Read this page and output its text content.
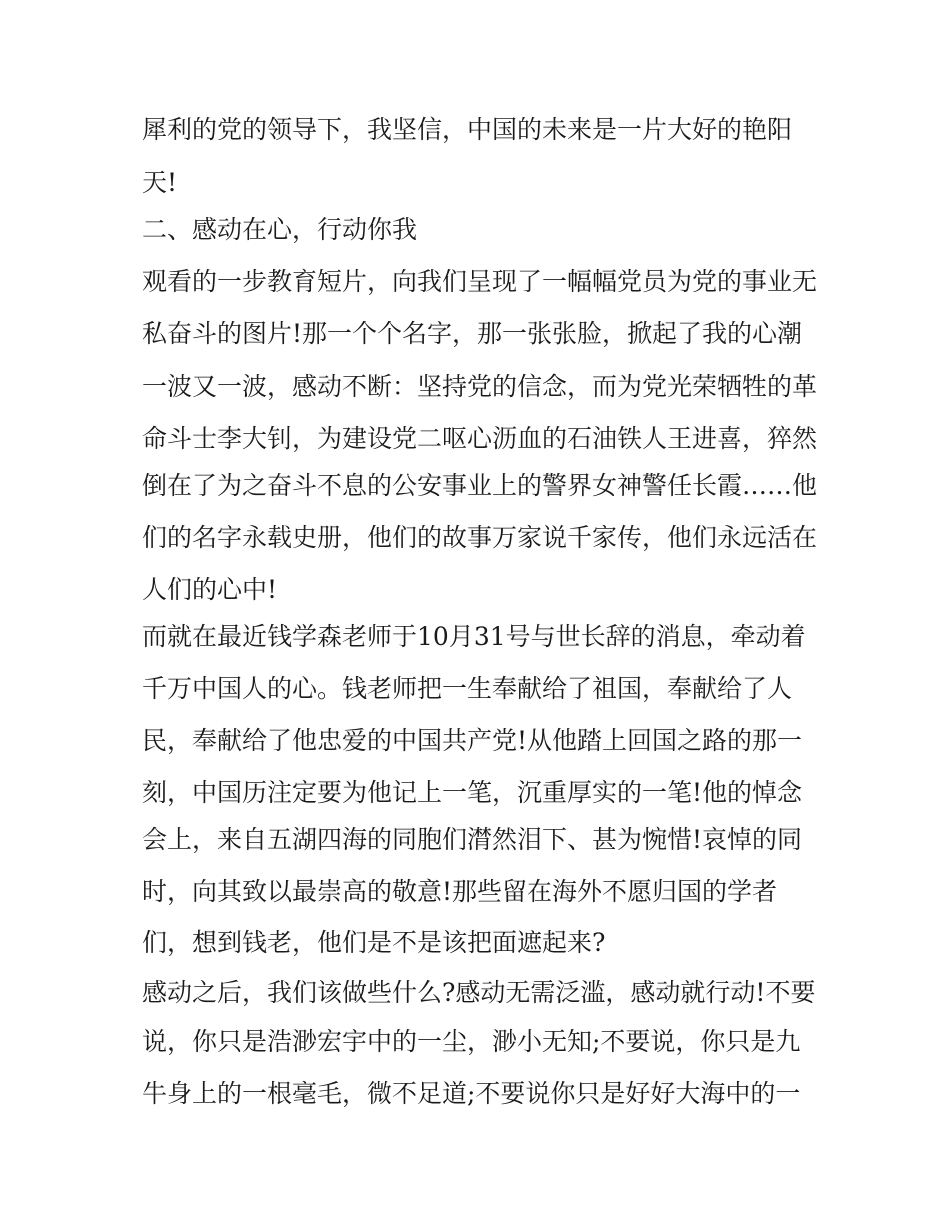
犀利的党的领导下，我坚信，中国的未来是一片大好的艳阳
天!
二、感动在心，行动你我
观看的一步教育短片，向我们呈现了一幅幅党员为党的事业无
私奋斗的图片!那一个个名字，那一张张脸，掀起了我的心潮
一波又一波，感动不断：坚持党的信念，而为党光荣牺牲的革
命斗士李大钊，为建设党二呕心沥血的石油铁人王进喜，猝然
倒在了为之奋斗不息的公安事业上的警界女神警任长霞……他
们的名字永载史册，他们的故事万家说千家传，他们永远活在
人们的心中!
而就在最近钱学森老师于10月31号与世长辞的消息，牵动着
千万中国人的心。钱老师把一生奉献给了祖国，奉献给了人
民，奉献给了他忠爱的中国共产党!从他踏上回国之路的那一
刻，中国历注定要为他记上一笔，沉重厚实的一笔!他的悼念
会上，来自五湖四海的同胞们潸然泪下、甚为惋惜!哀悼的同
时，向其致以最崇高的敬意!那些留在海外不愿归国的学者
们，想到钱老，他们是不是该把面遮起来?
感动之后，我们该做些什么?感动无需泛滥，感动就行动!不要
说，你只是浩渺宏宇中的一尘，渺小无知;不要说，你只是九
牛身上的一根毫毛，微不足道;不要说你只是好好大海中的一
